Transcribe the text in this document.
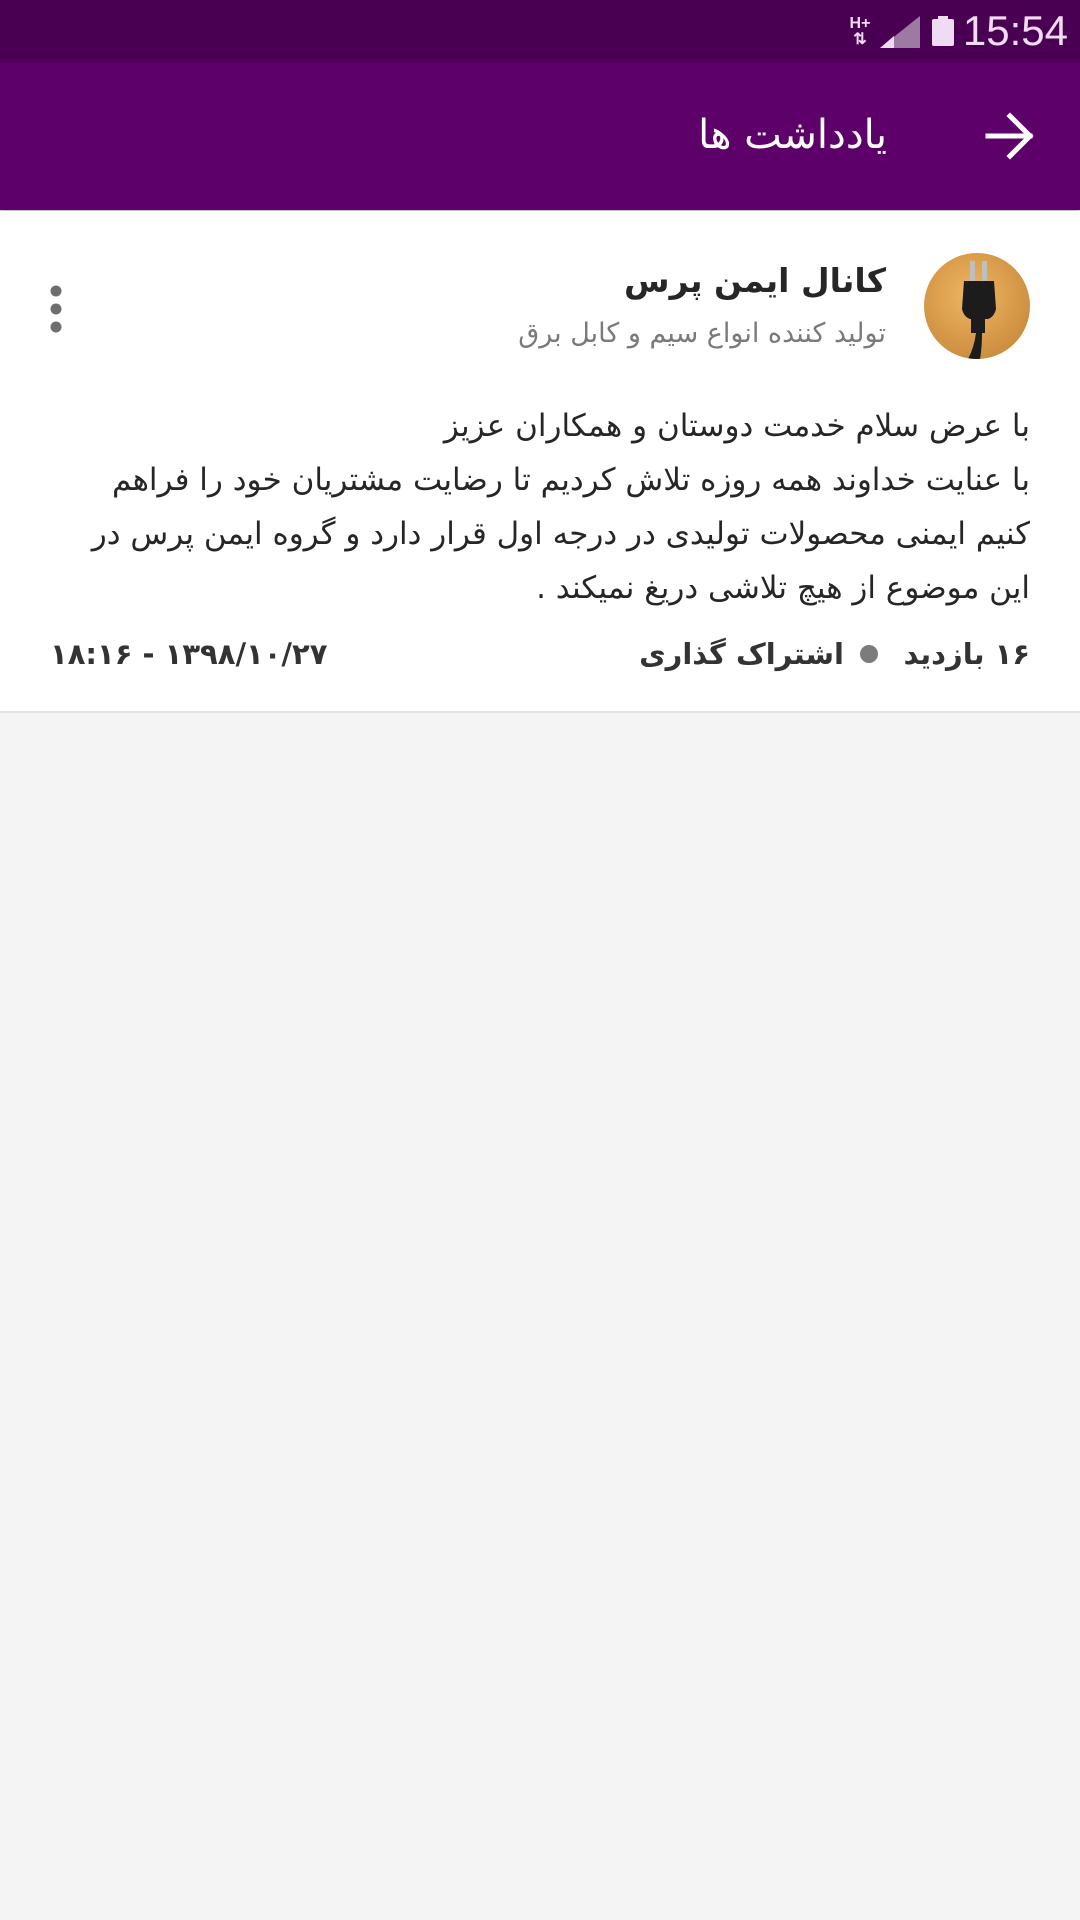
H+
⇅ 15:54
یادداشت ها
کانال ایمن پرس
تولید کننده انواع سیم و کابل برق
با عرض سلام خدمت دوستان و همکاران عزیز
با عنایت خداوند همه روزه تلاش کردیم تا رضایت مشتریان خود را فراهم
کنیم ایمنی محصولات تولیدی در درجه اول قرار دارد و گروه ایمن پرس در
این موضوع از هیچ تلاشی دریغ نمیکند .
۱۶ بازدید
اشتراک گذاری
۱۳۹۸/۱۰/۲۷ - ۱۸:۱۶
